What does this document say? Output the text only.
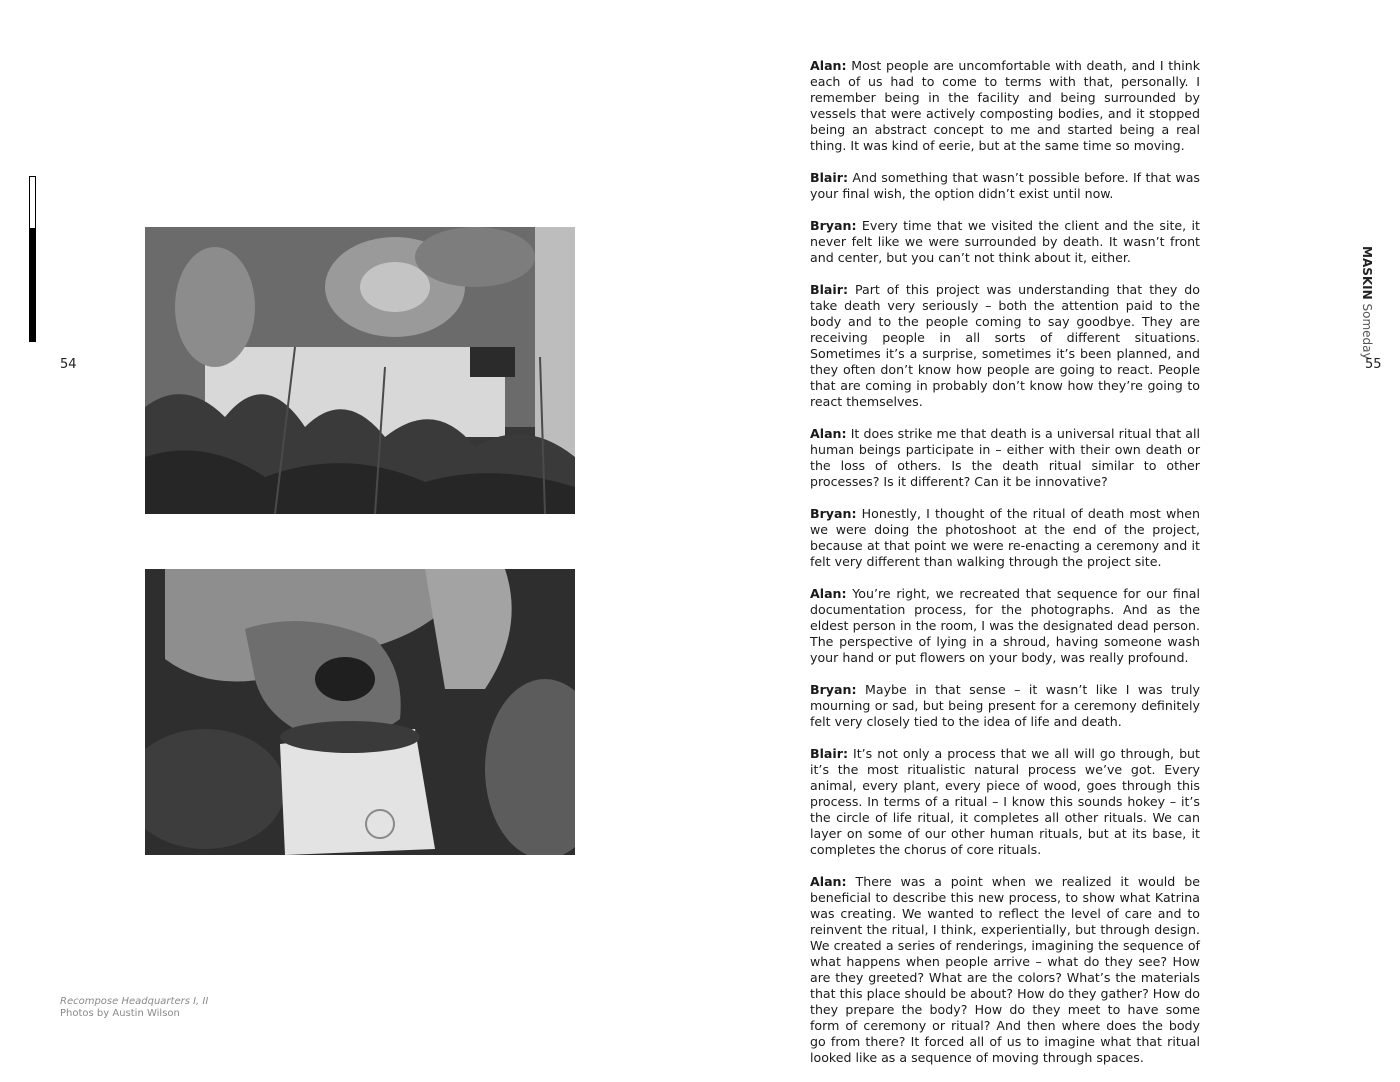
54
Recompose Headquarters I, II
Photos by Austin Wilson

Alan: Most people are uncomfortable with death, and I think each of us had to come to terms with that, personally. I remember being in the facility and being surrounded by vessels that were actively composting bodies, and it stopped being an abstract concept to me and started being a real thing. It was kind of eerie, but at the same time so moving.

Blair: And something that wasn’t possible before. If that was your final wish, the option didn’t exist until now.

Bryan: Every time that we visited the client and the site, it never felt like we were surrounded by death. It wasn’t front and center, but you can’t not think about it, either.

Blair: Part of this project was understanding that they do take death very seriously – both the attention paid to the body and to the people coming to say goodbye. They are receiving people in all sorts of different situations. Sometimes it’s a surprise, sometimes it’s been planned, and they often don’t know how people are going to react. People that are coming in probably don’t know how they’re going to react themselves.

Alan: It does strike me that death is a universal ritual that all human beings participate in – either with their own death or the loss of others. Is the death ritual similar to other processes? Is it different? Can it be innovative?

Bryan: Honestly, I thought of the ritual of death most when we were doing the photoshoot at the end of the project, because at that point we were re-enacting a ceremony and it felt very different than walking through the project site.

Alan: You’re right, we recreated that sequence for our final documentation process, for the photographs. And as the eldest person in the room, I was the designated dead person. The perspective of lying in a shroud, having someone wash your hand or put flowers on your body, was really profound.

Bryan: Maybe in that sense – it wasn’t like I was truly mourning or sad, but being present for a ceremony definitely felt very closely tied to the idea of life and death.

Blair: It’s not only a process that we all will go through, but it’s the most ritualistic natural process we’ve got. Every animal, every plant, every piece of wood, goes through this process. In terms of a ritual – I know this sounds hokey – it’s the circle of life ritual, it completes all other rituals. We can layer on some of our other human rituals, but at its base, it completes the chorus of core rituals.

Alan: There was a point when we realized it would be beneficial to describe this new process, to show what Katrina was creating. We wanted to reflect the level of care and to reinvent the ritual, I think, experientially, but through design. We created a series of renderings, imagining the sequence of what happens when people arrive – what do they see? How are they greeted? What are the colors? What’s the materials that this place should be about? How do they gather? How do they prepare the body? How do they meet to have some form of ceremony or ritual? And then where does the body go from there? It forced all of us to imagine what that ritual looked like as a sequence of moving through spaces.

MASKIN Someday
55
